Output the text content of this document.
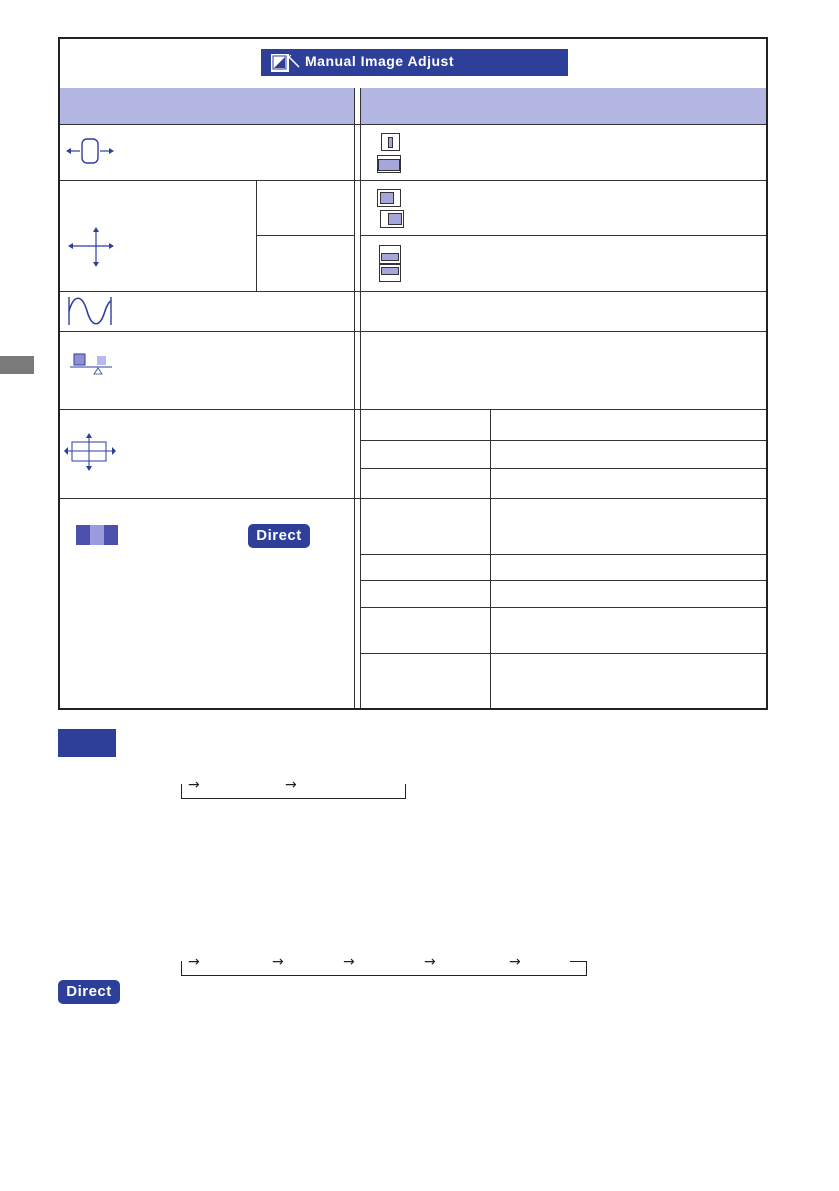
Manual Image Adjust
Direct
→	→
→	→	→	→	→
Direct
